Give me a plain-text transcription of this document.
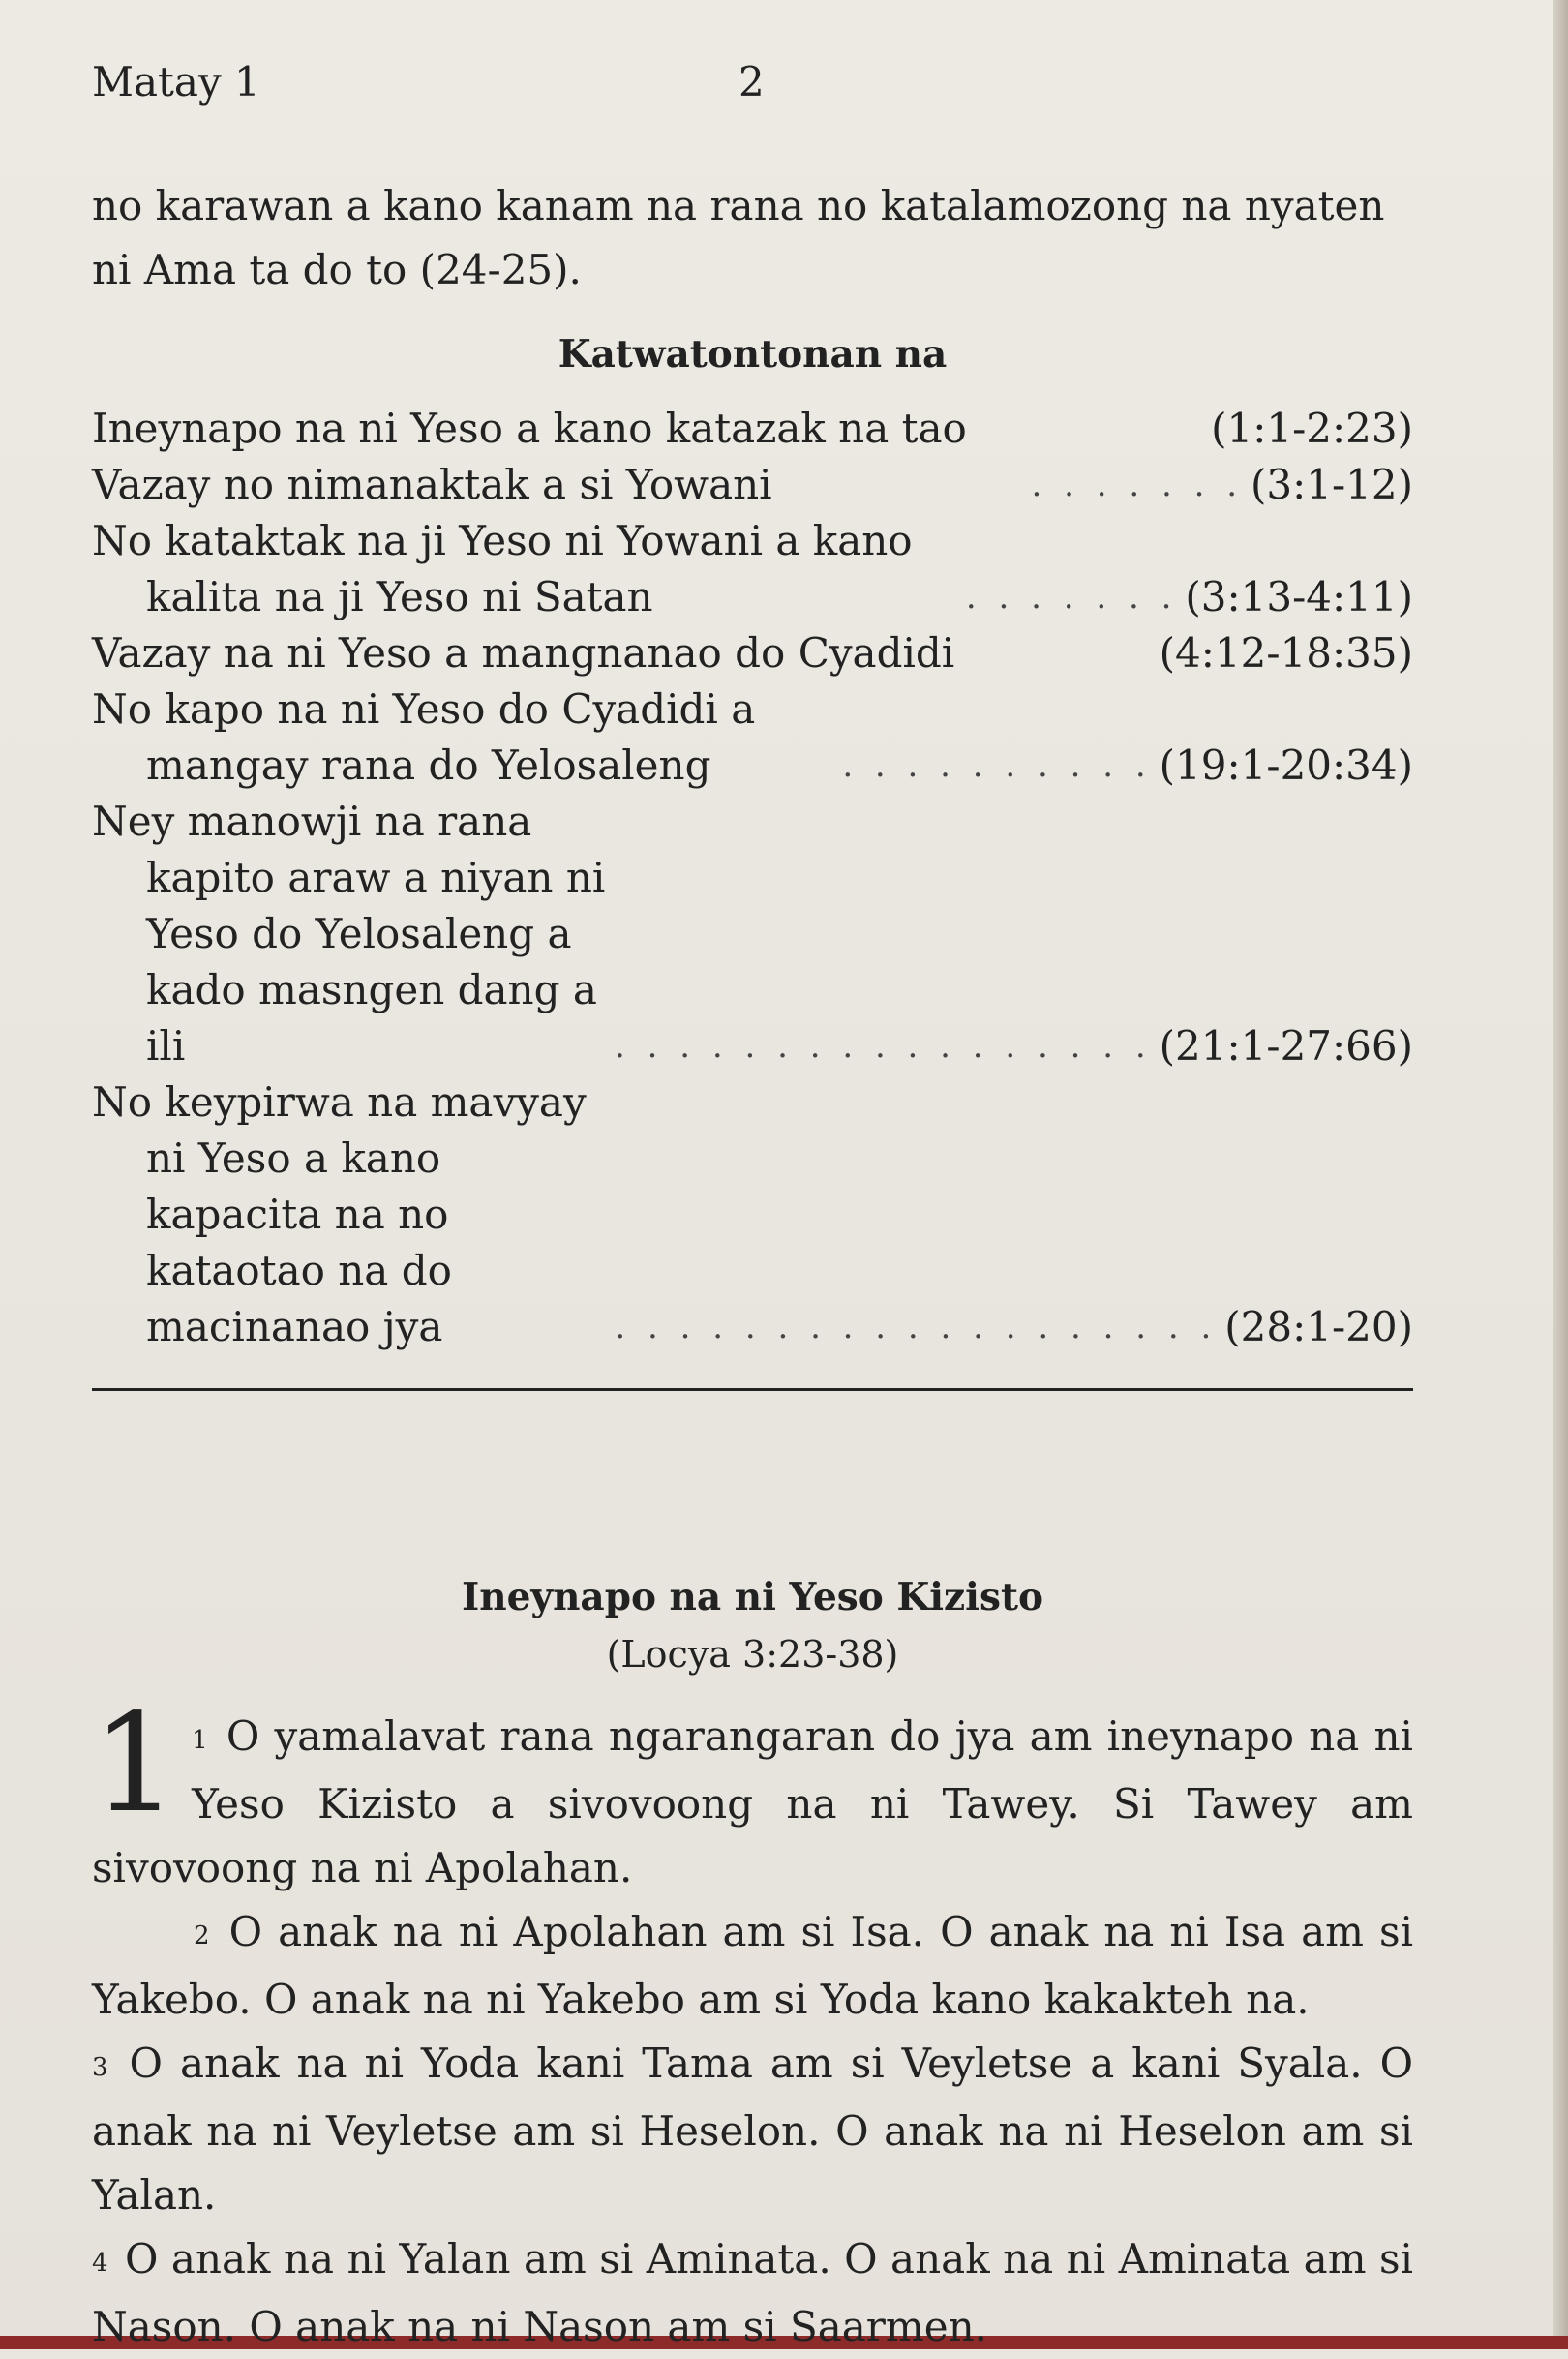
Matay 1	2

no karawan a kano kanam na rana no katalamozong na nyaten ni Ama ta do to (24-25).

Katwatontonan na
Ineynapo na ni Yeso a kano katazak na tao	(1:1-2:23)
Vazay no nimanaktak a si Yowani	. . . . . . . (3:1-12)
No kataktak na ji Yeso ni Yowani a kano kalita na ji Yeso ni Satan	. . . . . . . (3:13-4:11)
Vazay na ni Yeso a mangnanao do Cyadidi	(4:12-18:35)
No kapo na ni Yeso do Cyadidi a mangay rana do Yelosaleng	. . . . . . . . . . (19:1-20:34)
Ney manowji na rana kapito araw a niyan ni Yeso do Yelosaleng a kado masngen dang a ili	. . . . . . . . . . . . . . . . . (21:1-27:66)
No keypirwa na mavyay ni Yeso a kano kapacita na no kataotao na do macinanao jya	. . . . . . . . . . . . . . . . . . . (28:1-20)
Ineynapo na ni Yeso Kizisto
(Locya 3:23-38)
1 1 O yamalavat rana ngarangaran do jya am ineynapo na ni Yeso Kizisto a sivovoong na ni Tawey. Si Tawey am sivovoong na ni Apolahan.

2 O anak na ni Apolahan am si Isa. O anak na ni Isa am si Yakebo. O anak na ni Yakebo am si Yoda kano kakakteh na.

3 O anak na ni Yoda kani Tama am si Veyletse a kani Syala. O anak na ni Veyletse am si Heselon. O anak na ni Heselon am si Yalan.

4 O anak na ni Yalan am si Aminata. O anak na ni Aminata am si Nason. O anak na ni Nason am si Saarmen.
